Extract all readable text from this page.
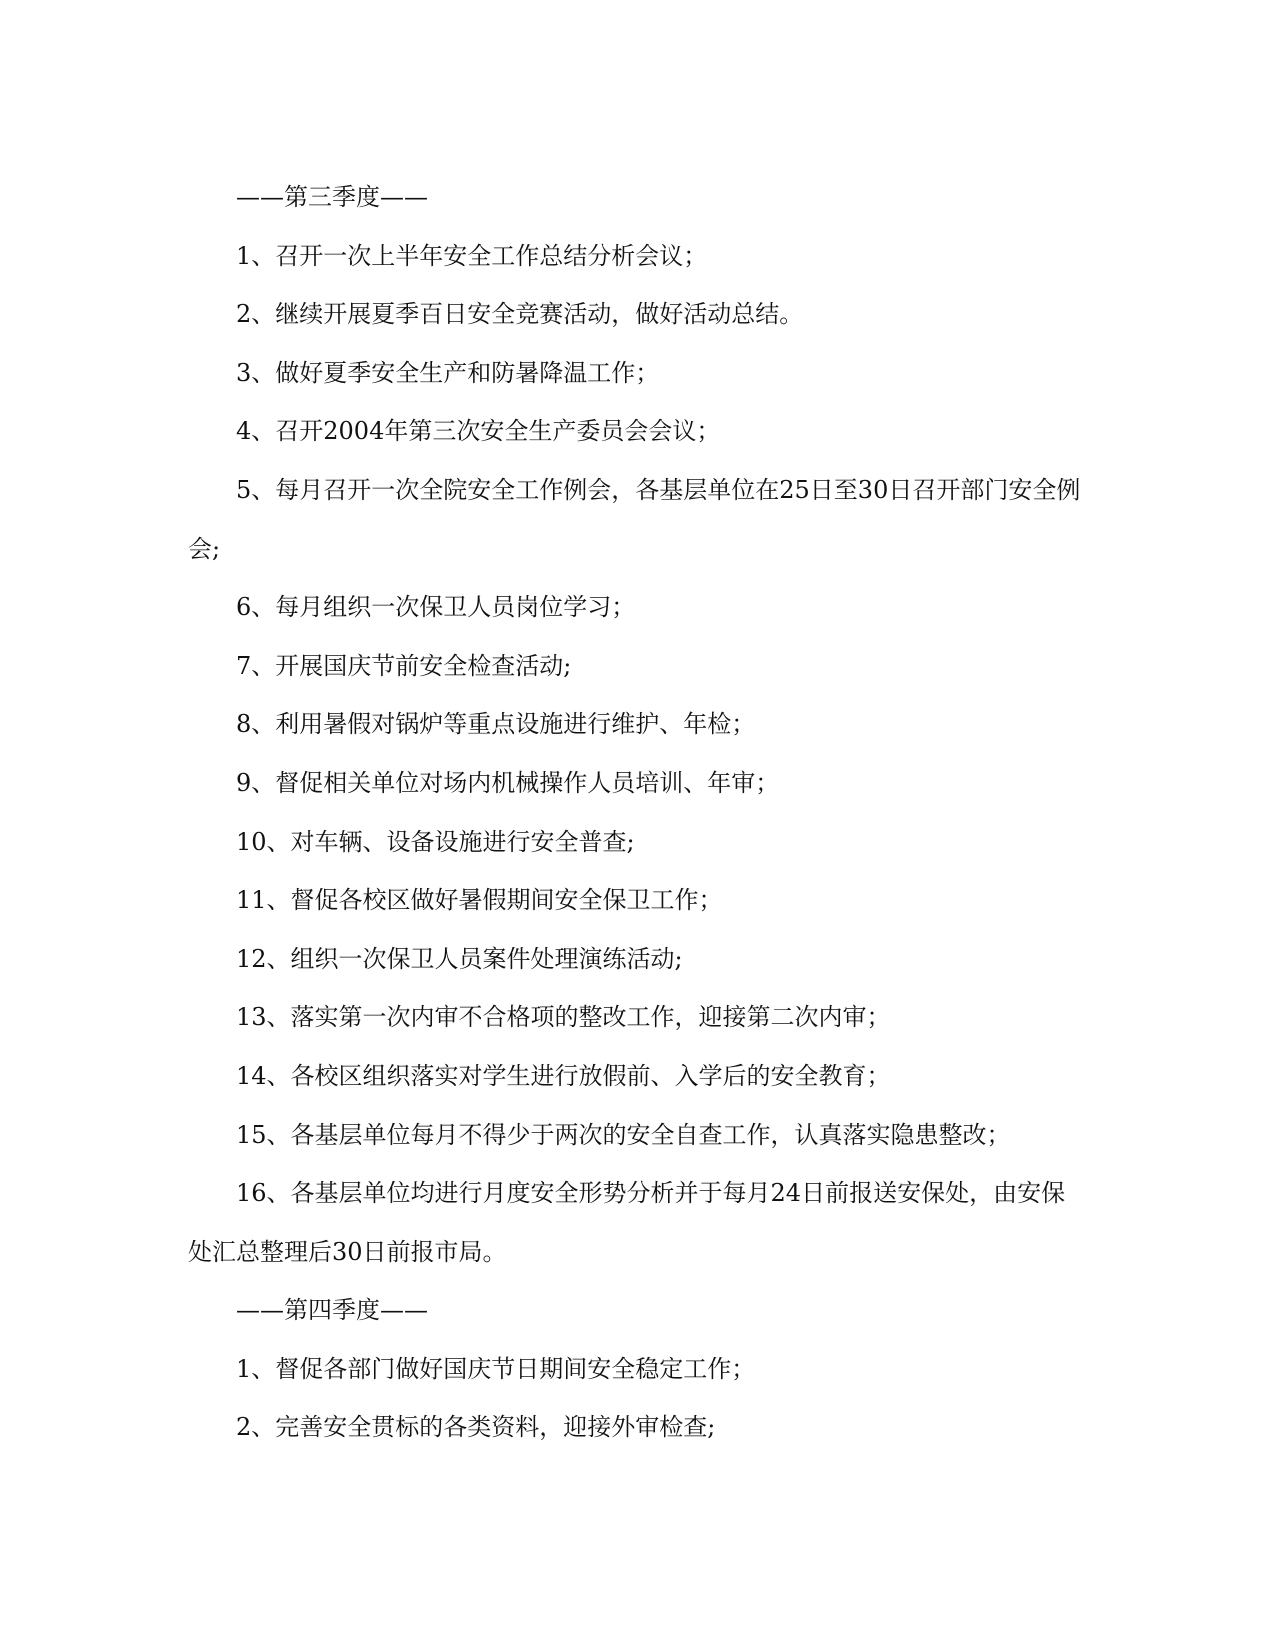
——第三季度——

1、召开一次上半年安全工作总结分析会议；

2、继续开展夏季百日安全竞赛活动，做好活动总结。

3、做好夏季安全生产和防暑降温工作；

4、召开2004年第三次安全生产委员会会议；

5、每月召开一次全院安全工作例会，各基层单位在25日至30日召开部门安全例会;

6、每月组织一次保卫人员岗位学习；

7、开展国庆节前安全检查活动;

8、利用暑假对锅炉等重点设施进行维护、年检；

9、督促相关单位对场内机械操作人员培训、年审；

10、对车辆、设备设施进行安全普查;

11、督促各校区做好暑假期间安全保卫工作；

12、组织一次保卫人员案件处理演练活动;

13、落实第一次内审不合格项的整改工作，迎接第二次内审；

14、各校区组织落实对学生进行放假前、入学后的安全教育；

15、各基层单位每月不得少于两次的安全自查工作，认真落实隐患整改；

16、各基层单位均进行月度安全形势分析并于每月24日前报送安保处，由安保处汇总整理后30日前报市局。

——第四季度——

1、督促各部门做好国庆节日期间安全稳定工作；

2、完善安全贯标的各类资料，迎接外审检查;
